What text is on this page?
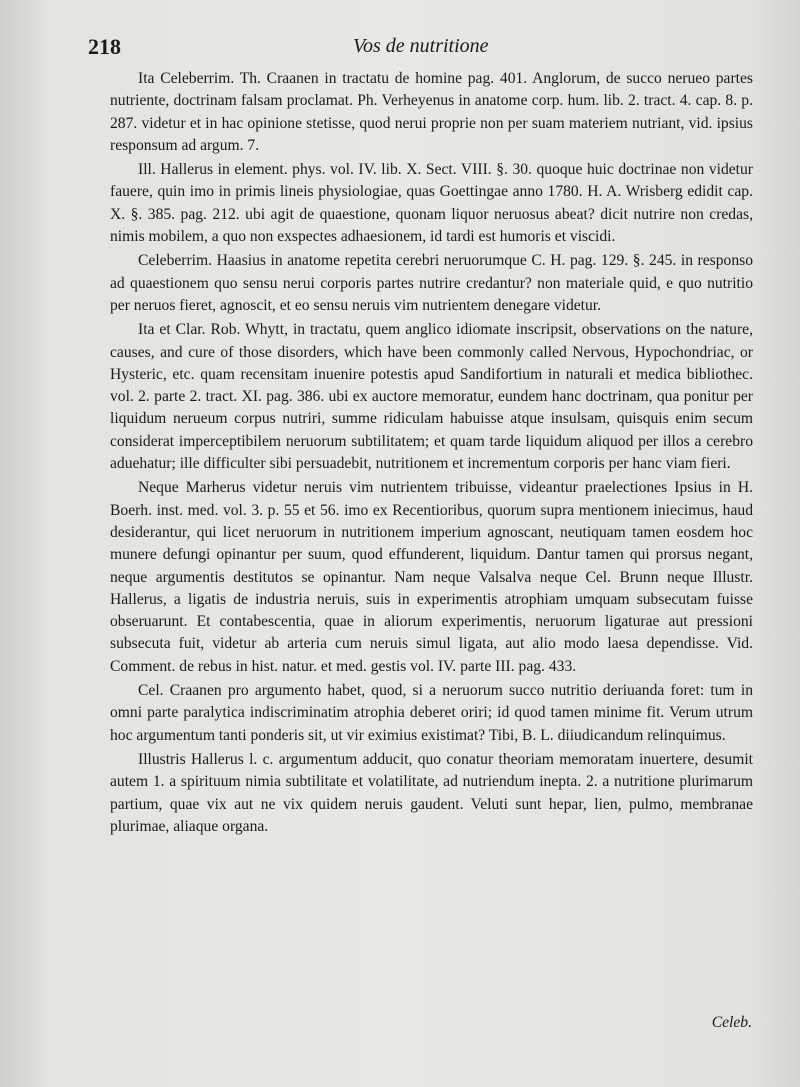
218	Vos de nutritione

Ita Celeberrim. Th. Craanen in tractatu de homine pag. 401. Anglorum, de succo nerueo partes nutriente, doctrinam falsam proclamat. Ph. Verheyenus in anatome corp. hum. lib. 2. tract. 4. cap. 8. p. 287. videtur et in hac opinione stetisse, quod nerui proprie non per suam materiem nutriant, vid. ipsius responsum ad argum. 7.

Ill. Hallerus in element. phys. vol. IV. lib. X. Sect. VIII. §. 30. quoque huic doctrinae non videtur fauere, quin imo in primis lineis physiologiae, quas Goettingae anno 1780. H. A. Wrisberg edidit cap. X. §. 385. pag. 212. ubi agit de quaestione, quonam liquor neruosus abeat? dicit nutrire non credas, nimis mobilem, a quo non exspectes adhaesionem, id tardi est humoris et viscidi.

Celeberrim. Haasius in anatome repetita cerebri neruorumque C. H. pag. 129. §. 245. in responso ad quaestionem quo sensu nerui corporis partes nutrire credantur? non materiale quid, e quo nutritio per neruos fieret, agnoscit, et eo sensu neruis vim nutrientem denegare videtur.

Ita et Clar. Rob. Whytt, in tractatu, quem anglico idiomate inscripsit, observations on the nature, causes, and cure of those disorders, which have been commonly called Nervous, Hypochondriac, or Hysteric, etc. quam recensitam inuenire potestis apud Sandifortium in naturali et medica bibliothec. vol. 2. parte 2. tract. XI. pag. 386. ubi ex auctore memoratur, eundem hanc doctrinam, qua ponitur per liquidum nerueum corpus nutriri, summe ridiculam habuisse atque insulsam, quisquis enim secum considerat imperceptibilem neruorum subtilitatem; et quam tarde liquidum aliquod per illos a cerebro aduehatur; ille difficulter sibi persuadebit, nutritionem et incrementum corporis per hanc viam fieri.

Neque Marherus videtur neruis vim nutrientem tribuisse, videantur praelectiones Ipsius in H. Boerh. inst. med. vol. 3. p. 55 et 56. imo ex Recentioribus, quorum supra mentionem iniecimus, haud desiderantur, qui licet neruorum in nutritionem imperium agnoscant, neutiquam tamen eosdem hoc munere defungi opinantur per suum, quod effunderent, liquidum. Dantur tamen qui prorsus negant, neque argumentis destitutos se opinantur. Nam neque Valsalva neque Cel. Brunn neque Illustr. Hallerus, a ligatis de industria neruis, suis in experimentis atrophiam umquam subsecutam fuisse obseruarunt. Et contabescentia, quae in aliorum experimentis, neruorum ligaturae aut pressioni subsecuta fuit, videtur ab arteria cum neruis simul ligata, aut alio modo laesa dependisse. Vid. Comment. de rebus in hist. natur. et med. gestis vol. IV. parte III. pag. 433.

Cel. Craanen pro argumento habet, quod, si a neruorum succo nutritio deriuanda foret: tum in omni parte paralytica indiscriminatim atrophia deberet oriri; id quod tamen minime fit. Verum utrum hoc argumentum tanti ponderis sit, ut vir eximius existimat? Tibi, B. L. diiudicandum relinquimus.

Illustris Hallerus l. c. argumentum adducit, quo conatur theoriam memoratam inuertere, desumit autem 1. a spirituum nimia subtilitate et volatilitate, ad nutriendum inepta. 2. a nutritione plurimarum partium, quae vix aut ne vix quidem neruis gaudent. Veluti sunt hepar, lien, pulmo, membranae plurimae, aliaque organa.

Celeb.
